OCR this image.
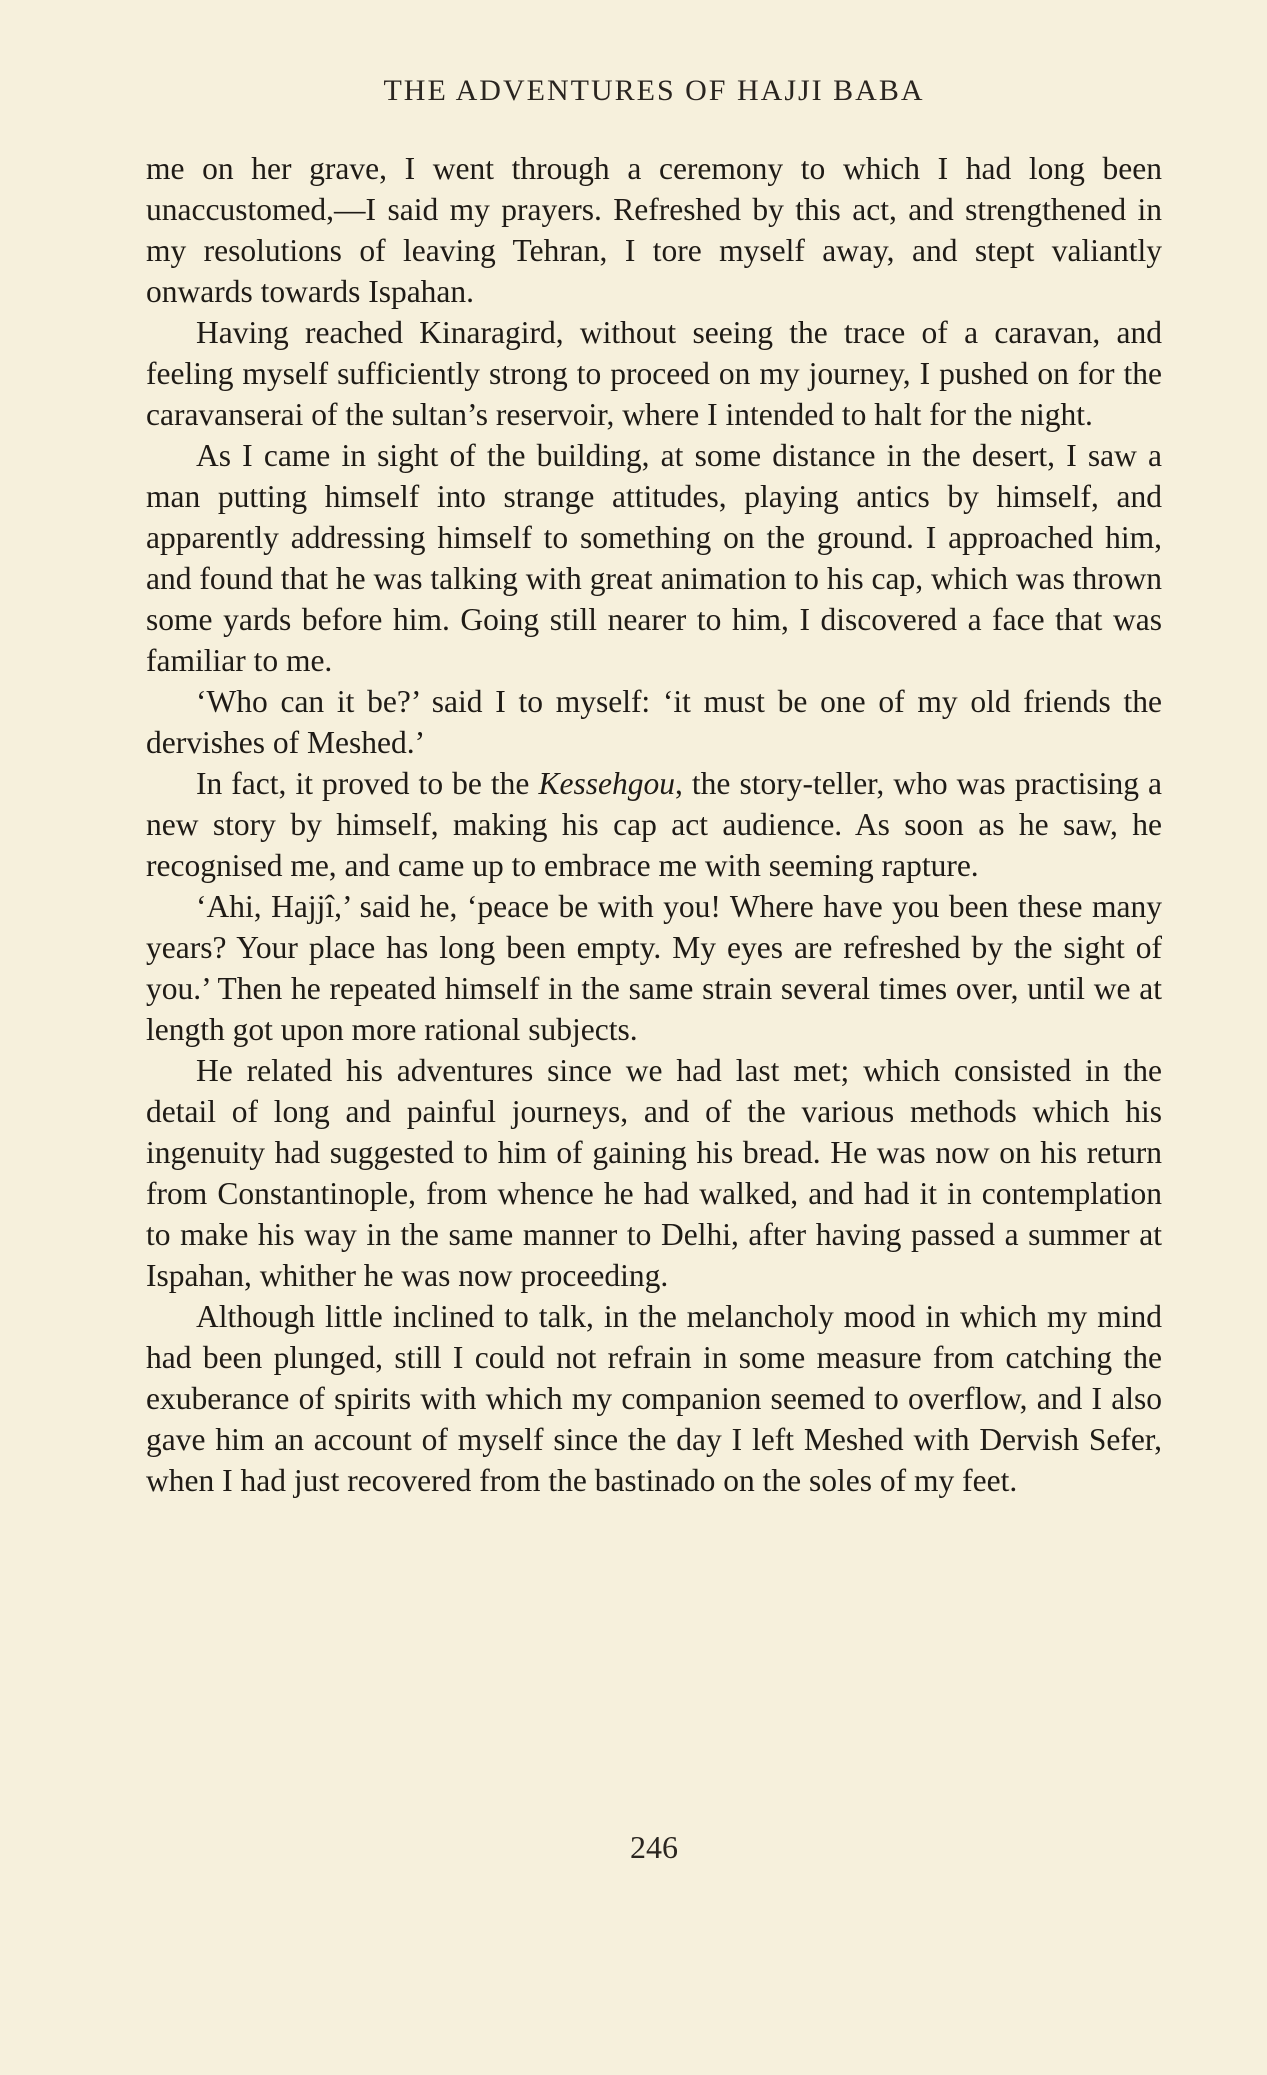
THE ADVENTURES OF HAJJI BABA

me on her grave, I went through a ceremony to which I had long been unaccustomed,—I said my prayers. Refreshed by this act, and strengthened in my resolutions of leaving Tehran, I tore myself away, and stept valiantly onwards towards Ispahan.

Having reached Kinaragird, without seeing the trace of a caravan, and feeling myself sufficiently strong to proceed on my journey, I pushed on for the caravanserai of the sultan’s reservoir, where I intended to halt for the night.

As I came in sight of the building, at some distance in the desert, I saw a man putting himself into strange attitudes, playing antics by himself, and apparently addressing himself to something on the ground. I approached him, and found that he was talking with great animation to his cap, which was thrown some yards before him. Going still nearer to him, I discovered a face that was familiar to me.

‘Who can it be?’ said I to myself: ‘it must be one of my old friends the dervishes of Meshed.’

In fact, it proved to be the Kessehgou, the story-teller, who was practising a new story by himself, making his cap act audience. As soon as he saw, he recognised me, and came up to embrace me with seeming rapture.

‘Ahi, Hajjî,’ said he, ‘peace be with you! Where have you been these many years? Your place has long been empty. My eyes are refreshed by the sight of you.’ Then he repeated himself in the same strain several times over, until we at length got upon more rational subjects.

He related his adventures since we had last met; which consisted in the detail of long and painful journeys, and of the various methods which his ingenuity had suggested to him of gaining his bread. He was now on his return from Constantinople, from whence he had walked, and had it in contemplation to make his way in the same manner to Delhi, after having passed a summer at Ispahan, whither he was now proceeding.

Although little inclined to talk, in the melancholy mood in which my mind had been plunged, still I could not refrain in some measure from catching the exuberance of spirits with which my companion seemed to overflow, and I also gave him an account of myself since the day I left Meshed with Dervish Sefer, when I had just recovered from the bastinado on the soles of my feet.

246
